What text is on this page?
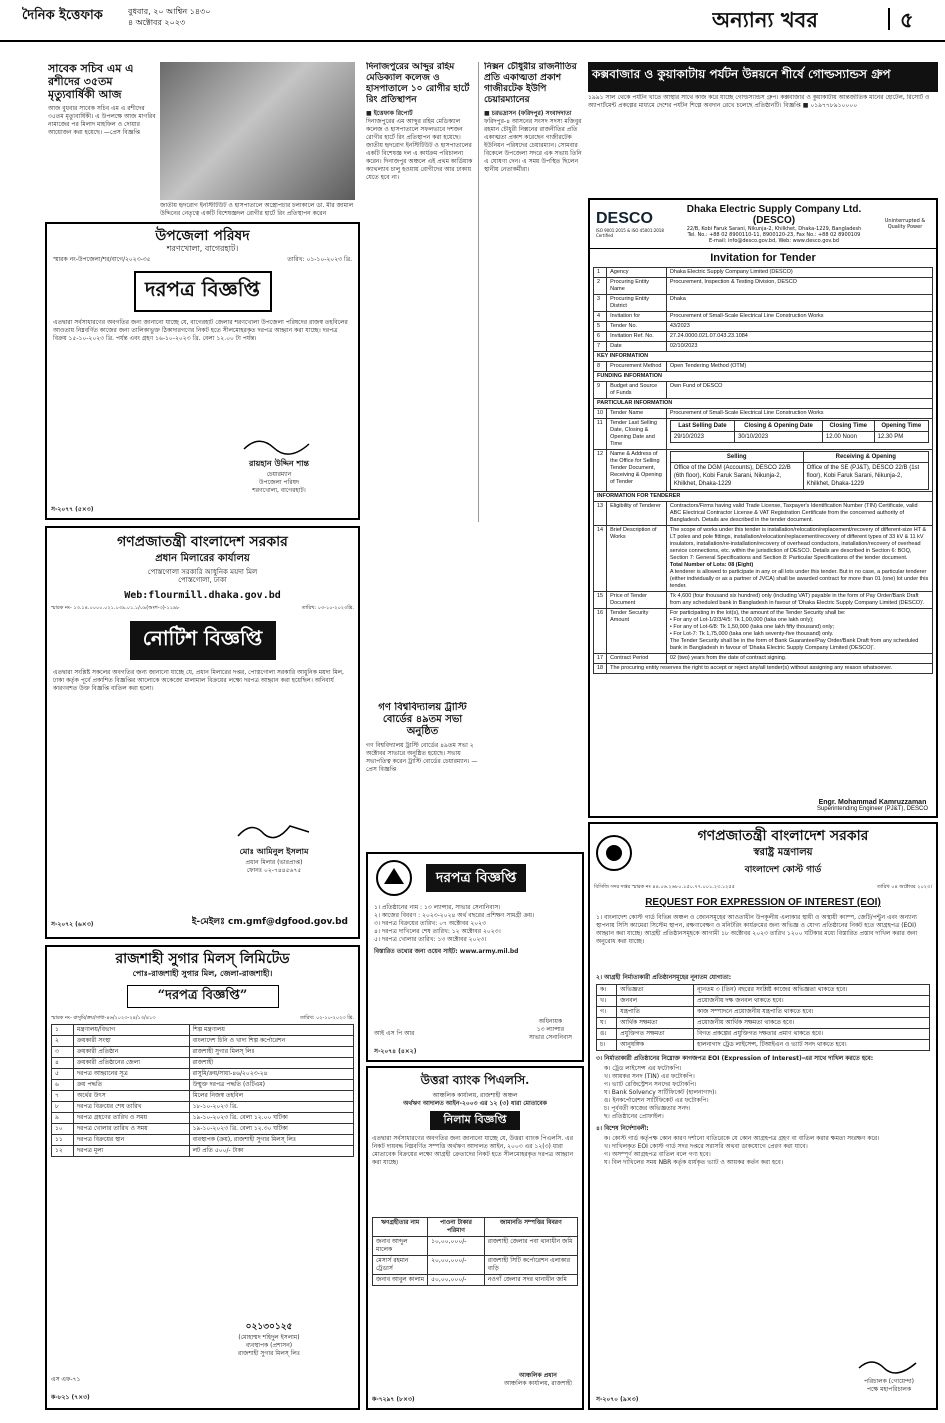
দৈনিক ইত্তেফাক	বুধবার, ২০ আশ্বিন ১৪৩০
৪ অক্টোবর ২০২৩	অন্যান্য খবর	৫
সাবেক সচিব এম এ রশীদের ৩৫তম মৃত্যুবার্ষিকী আজ
আজ বুধবার সাবেক সচিব এম এ রশীদের ৩৫তম মৃত্যুবার্ষিকী। এ উপলক্ষে আজ মাগরিব নামাজের পর মিলাদ মাহফিল ও দোয়ার আয়োজন করা হয়েছে। —প্রেস বিজ্ঞপ্তি
জাতীয় হৃদরোগ ইনস্টিটিউট ও হাসপাতালে অস্ত্রোপচার চলাকালে ডা. মীর জামাল উদ্দিনের নেতৃত্বে একটি বিশেষজ্ঞদল রোগীর হার্টে রিং প্রতিস্থাপন করেন
উপজেলা পরিষদ
শরণখোলা, বাগেরহাট।
স্মারক নং-উপজেলা/শর/বাগে/২০২৩-৩৫	তারিখ: ০১-১০-২০২৩ খ্রি.
দরপত্র বিজ্ঞপ্তি
এতদ্বারা সর্বসাধারণের অবগতির জন্য জানানো যাচ্ছে যে, বাগেরহাট জেলার শরণখোলা উপজেলা পরিষদের রাজস্ব তহবিলের আওতায় নিম্নবর্ণিত কাজের জন্য তালিকাভুক্ত ঠিকাদারগণের নিকট হতে সীলমোহরকৃত দরপত্র আহ্বান করা যাচ্ছে। দরপত্র বিক্রয় ১৫-১০-২০২৩ খ্রি. পর্যন্ত এবং গ্রহণ ১৬-১০-২০২৩ খ্রি. বেলা ১২.০০ টা পর্যন্ত।
রায়হান উদ্দিন শান্ত
চেয়ারম্যান
উপজেলা পরিষদ
শরণখোলা, বাগেরহাট।
স-২০৭৭ (৫×৩)
গণপ্রজাতন্ত্রী বাংলাদেশ সরকার
প্রধান মিলারের কার্যালয়
পোস্তগোলা সরকারি আধুনিক ময়দা মিল
পোস্তগোলা, ঢাকা
Web:flourmill.dhaka.gov.bd
স্মারক নং- ১৩.১৪.০০০০.০২১.০৩৯.০১.১/০৯(অংশ-৩)-১১৯৮	তারিখ: ০৩-১০-২০২৩খ্রি.
নোটিশ বিজ্ঞপ্তি
এতদ্বারা সংশ্লিষ্ট সকলের অবগতির জন্য জানানো যাচ্ছে যে, প্রধান মিলারের দপ্তর, পোস্তগোলা সরকারি আধুনিক ময়দা মিল, ঢাকা কর্তৃক পূর্বে প্রকাশিত বিজ্ঞপ্তির আলোকে অকেজো মালামাল বিক্রয়ের লক্ষ্যে দরপত্র আহ্বান করা হয়েছিল। অনিবার্য কারণবশত উক্ত বিজ্ঞপ্তি বাতিল করা হলো।
মোঃ আমিনুল ইসলাম
প্রধান মিলার (ভারপ্রাপ্ত)
ফোনঃ ০২-৭৪৪৫৬৭৫
ই-মেইলঃ cm.gmf@dgfood.gov.bd
স-২০৭২ (৬×৩)
রাজশাহী সুগার মিলস্ লিমিটেড
পোঃ-রাজশাহী সুগার মিল, জেলা-রাজশাহী।
“দরপত্র বিজ্ঞপ্তি”
স্মারক নং- রাসুমি/ক্রয়/সাধা-৪৬/২০২৩-২৪/১৩/৪১৩	তারিখ: ০২-১০-২০২৩ খ্রি.
১	মন্ত্রণালয়/বিভাগ	শিল্প মন্ত্রণালয়
২	ক্রয়কারী সংস্থা	বাংলাদেশ চিনি ও খাদ্য শিল্প কর্পোরেশন
৩	ক্রয়কারী প্রতিষ্ঠান	রাজশাহী সুগার মিলস্ লিঃ
৪	ক্রয়কারী প্রতিষ্ঠানের জেলা	রাজশাহী
৫	দরপত্র আহ্বানের সূত্র	রাসুমি/ক্রয়/সাধা-৪৬/২০২৩-২৪
৬	ক্রয় পদ্ধতি	উন্মুক্ত দরপত্র পদ্ধতি (ওটিএম)
৭	অর্থের উৎস	মিলের নিজস্ব তহবিল
৮	দরপত্র বিক্রয়ের শেষ তারিখ	১৮-১০-২০২৩ খ্রি.
৯	দরপত্র গ্রহণের তারিখ ও সময়	১৯-১০-২০২৩ খ্রি. বেলা ১২.০০ ঘটিকা
১০	দরপত্র খোলার তারিখ ও সময়	১৯-১০-২০২৩ খ্রি. বেলা ১২.৩০ ঘটিকা
১১	দরপত্র বিক্রয়ের স্থান	ব্যবস্থাপক (ক্রয়), রাজশাহী সুগার মিলস্ লিঃ
১২	দরপত্র মূল্য	লট প্রতি ৫০০/- টাকা
০২১৩০১২৫
(মোহাম্মদ শহিদুল ইসলাম)
ব্যবস্থাপক (প্রশাসন)
রাজশাহী সুগার মিলস্ লিঃ
এস এফ-৭১
ক-৮২১ (৭×৩)
দিনাজপুরের আব্দুর রহিম মেডিক্যাল কলেজ ও হাসপাতালে ১০ রোগীর হার্টে রিং প্রতিস্থাপন
■ ইত্তেফাক রিপোর্ট
দিনাজপুরের এম আব্দুর রহিম মেডিক্যাল কলেজ ও হাসপাতালে সফলভাবে দশজন রোগীর হার্টে রিং প্রতিস্থাপন করা হয়েছে। জাতীয় হৃদরোগ ইনস্টিটিউট ও হাসপাতালের একটি বিশেষজ্ঞ দল এ কার্যক্রম পরিচালনা করেন। দিনাজপুর অঞ্চলে এই প্রথম কার্ডিয়াক ক্যাথল্যাব চালু হওয়ায় রোগীদের আর ঢাকায় যেতে হবে না।
নিক্সন চৌধুরীর রাজনীতির প্রতি একাত্মতা প্রকাশ গাজীরটেক ইউপি চেয়ারম্যানের
■ চরভদ্রাসন (ফরিদপুর) সংবাদদাতা
ফরিদপুর-৪ আসনের সংসদ সদস্য মজিবুর রহমান চৌধুরী নিক্সনের রাজনীতির প্রতি একাত্মতা প্রকাশ করেছেন গাজীরটেক ইউনিয়ন পরিষদের চেয়ারম্যান। সোমবার বিকেলে উপজেলা সদরে এক সভায় তিনি এ ঘোষণা দেন। এ সময় উপস্থিত ছিলেন স্থানীয় নেতাকর্মীরা।
গণ বিশ্ববিদ্যালয় ট্রাস্টি বোর্ডের ৪৯তম সভা অনুষ্ঠিত
গণ বিশ্ববিদ্যালয় ট্রাস্টি বোর্ডের ৪৯তম সভা ২ অক্টোবর সাভারে অনুষ্ঠিত হয়েছে। সভায় সভাপতিত্ব করেন ট্রাস্টি বোর্ডের চেয়ারম্যান। —প্রেস বিজ্ঞপ্তি
দরপত্র বিজ্ঞপ্তি
১। প্রতিষ্ঠানের নাম : ১৩ ল্যান্সার, সাভার সেনানিবাস।
২। কাজের বিবরণ : ২০২৩-২০২৪ অর্থ বছরের প্রশিক্ষণ সামগ্রী ক্রয়।
৩। দরপত্র বিক্রয়ের তারিখ: ০৭ অক্টোবর ২০২৩
৪। দরপত্র দাখিলের শেষ তারিখ: ১২ অক্টোবর ২০২৩।
৫। দরপত্র খোলার তারিখ: ১৩ অক্টোবর ২০২৩।
বিস্তারিত তথ্যের জন্য ওয়েব সাইট: www.army.mil.bd
আই এস পি আর
অধিনায়ক
১৩ ল্যান্সার
সাভার সেনানিবাস
স-২০৭৪ (৪×২)
উত্তরা ব্যাংক পিএলসি.
আঞ্চলিক কার্যালয়, রাজশাহী অঞ্চল
অর্থঋণ আদালত আইন-২০০৩ এর ১২ (৩) ধারা মোতাবেক
নিলাম বিজ্ঞপ্তি
এতদ্বারা সর্বসাধারণের অবগতির জন্য জানানো যাচ্ছে যে, উত্তরা ব্যাংক পিএলসি. এর নিকট দায়বদ্ধ নিম্নবর্ণিত সম্পত্তি অর্থঋণ আদালত আইন, ২০০৩ এর ১২(৩) ধারা মোতাবেক বিক্রয়ের লক্ষ্যে আগ্রহী ক্রেতাদের নিকট হতে সীলমোহরকৃত দরপত্র আহ্বান করা যাচ্ছে।
ঋণগ্রহীতার নাম	পাওনা টাকার পরিমাণ	জামানতি সম্পত্তির বিবরণ
জনাব আব্দুল মালেক	১০,০০,০০০/-	রাজশাহী জেলার পবা থানাধীন জমি
মেসার্স রহমান ট্রেডার্স	২০,০০,০০০/-	রাজশাহী সিটি কর্পোরেশন এলাকার বাড়ি
জনাব আবুল কালাম	৫০,০০,০০০/-	নওগাঁ জেলার সদর থানাধীন জমি
আঞ্চলিক প্রধান
আঞ্চলিক কার্যালয়, রাজশাহী
ক-৭২৯৭ (৮×৩)
কক্সবাজার ও কুয়াকাটায় পর্যটন উন্নয়নে শীর্ষে গোল্ডস্যান্ডস গ্রুপ
১৯৯১ সাল থেকে পর্যটন খাতে আস্থার সাথে কাজ করে যাচ্ছে গোল্ডস্যান্ডস গ্রুপ। কক্সবাজার ও কুয়াকাটায় আন্তর্জাতিক মানের হোটেল, রিসোর্ট ও অ্যাপার্টমেন্ট প্রকল্পের মাধ্যমে দেশের পর্যটন শিল্পে অবদান রেখে চলেছে প্রতিষ্ঠানটি। বিজ্ঞপ্তি ■ ০১৯৭৭৮৯১০০০০
DESCO
ISO 9001:2015 & ISO 45001:2018 Certified
Dhaka Electric Supply Company Ltd. (DESCO)
22/B, Kobi Faruk Sarani, Nikunja-2, Khilkhet, Dhaka-1229, Bangladesh
Tel. No.: +88 02 8900110-11, 8900120-23, Fax No.: +88 02 8900109
E-mail: info@desco.gov.bd, Web: www.desco.gov.bd
Uninterrupted & Quality Power
Invitation for Tender
1	Agency	Dhaka Electric Supply Company Limited (DESCO)
2	Procuring Entity Name	Procurement, Inspection & Testing Division, DESCO
3	Procuring Entity District	Dhaka
4	Invitation for	Procurement of Small-Scale Electrical Line Construction Works
5	Tender No.	43/2023
6	Invitation Ref. No.	27.24.0000.021.07.043.23.1084
7	Date	02/10/2023
KEY INFORMATION
8	Procurement Method	Open Tendering Method (OTM)
FUNDING INFORMATION
9	Budget and Source of Funds	Own Fund of DESCO
PARTICULAR INFORMATION
10	Tender Name	Procurement of Small-Scale Electrical Line Construction Works
11	Tender Last Selling Date, Closing & Opening Date and Time	
Last Selling Date	Closing & Opening Date	Closing Time	Opening Time
29/10/2023	30/10/2023	12.00 Noon	12.30 PM

12	Name & Address of the Office for Selling Tender Document, Receiving & Opening of Tender	
Selling	Receiving & Opening
Office of the DGM (Accounts), DESCO 22/B (6th floor), Kobi Faruk Sarani, Nikunja-2, Khilkhet, Dhaka-1229	Office of the SE (PJ&T), DESCO 22/B (1st floor), Kobi Faruk Sarani, Nikunja-2, Khilkhet, Dhaka-1229

INFORMATION FOR TENDERER
13	Eligibility of Tenderer	Contractors/Firms having valid Trade License, Taxpayer's Identification Number (TIN) Certificate, valid ABC Electrical Contractor License & VAT Registration Certificate from the concerned authority of Bangladesh. Details are described in the tender document.
14	Brief Description of Works	The scope of works under this tender is installation/relocation/replacement/recovery of different-size HT & LT poles and pole fittings, installation/relocation/replacement/recovery of different types of 33 kV & 11 kV insulators, installation/re-installation/recovery of overhead conductors, installation/recovery of overhead service connections, etc. within the jurisdiction of DESCO. Details are described in Section 6: BOQ, Section 7: General Specifications and Section 8: Particular Specifications of the tender document.
Total Number of Lots: 08 (Eight)
A tenderer is allowed to participate in any or all lots under this tender. But in no case, a particular tenderer (either individually or as a partner of JVCA) shall be awarded contract for more than 01 (one) lot under this tender.

15	Price of Tender Document	Tk 4,600 (four thousand six hundred) only (including VAT) payable in the form of Pay Order/Bank Draft from any scheduled bank in Bangladesh in favour of 'Dhaka Electric Supply Company Limited (DESCO)'.
16	Tender Security Amount	
For participating in the lot(s), the amount of the Tender Security shall be:
• For any of Lot-1/2/3/4/5: Tk 1,00,000 (taka one lakh only);
• For any of Lot-6/8: Tk 1,50,000 (taka one lakh fifty thousand) only;
• For Lot-7: Tk 1,75,000 (taka one lakh seventy-five thousand) only.
The Tender Security shall be in the form of Bank Guarantee/Pay Order/Bank Draft from any scheduled bank in Bangladesh in favour of 'Dhaka Electric Supply Company Limited (DESCO)'.

17	Contract Period	02 (two) years from the date of contract signing.
18	The procuring entity reserves the right to accept or reject any/all tender(s) without assigning any reason whatsoever.
Engr. Mohammad Kamruzzaman
Superintending Engineer (PJ&T), DESCO
গণপ্রজাতন্ত্রী বাংলাদেশ সরকার
স্বরাষ্ট্র মন্ত্রণালয়
বাংলাদেশ কোস্ট গার্ড
বিসিজি সদর দপ্তর স্মারক নং ৪৪.০৬.২৬৮০.১৫০.৭৭.০০১.২৩.১২৫৫	তারিখ ০৪ অক্টোবর ২০২৩।
REQUEST FOR EXPRESSION OF INTEREST (EOI)
১। বাংলাদেশ কোস্ট গার্ড বিভিন্ন অঞ্চল ও জোনসমূহের আওতাধীন উপকূলীয় এলাকার স্থায়ী ও অস্থায়ী ক্যাম্প, জেটি/পন্টুন এবং অন্যান্য স্থাপনায় সিসি ক্যামেরা সিস্টেম স্থাপন, রক্ষণাবেক্ষণ ও মনিটরিং কার্যক্রমের জন্য অভিজ্ঞ ও যোগ্য প্রতিষ্ঠানের নিকট হতে আগ্রহপত্র (EOI) আহ্বান করা যাচ্ছে। আগ্রহী প্রতিষ্ঠানসমূহকে আগামী ১৮ অক্টোবর ২০২৩ তারিখ ১২০০ ঘটিকার মধ্যে বিস্তারিত প্রস্তাব দাখিল করার জন্য অনুরোধ করা যাচ্ছে।
২। আগ্রহী নির্মাতাকারী প্রতিষ্ঠানসমূহের নূন্যতম যোগ্যতা:
ক।	অভিজ্ঞতা	ন্যূনতম ৩ (তিন) বছরের সংশ্লিষ্ট কাজের অভিজ্ঞতা থাকতে হবে।
খ।	জনবল	প্রয়োজনীয় দক্ষ জনবল থাকতে হবে।
গ।	যন্ত্রপাতি	কাজ সম্পাদনে প্রয়োজনীয় যন্ত্রপাতি থাকতে হবে।
ঘ।	আর্থিক সক্ষমতা	প্রয়োজনীয় আর্থিক সক্ষমতা থাকতে হবে।
ঙ।	প্রযুক্তিগত সক্ষমতা	বিগত প্রকল্পের প্রযুক্তিগত দক্ষতার প্রমাণ থাকতে হবে।
চ।	আনুষঙ্গিক	হালনাগাদ ট্রেড লাইসেন্স, টিআইএন ও ভ্যাট সনদ থাকতে হবে।
৩। নির্মাতাকারী প্রতিষ্ঠানের নিম্নোক্ত কাগজপত্র EOI (Expression of Interest)-এর সাথে দাখিল করতে হবে:
ক। ট্রেড লাইসেন্স এর ফটোকপি।
খ। আয়কর সনদ (TIN) এর ফটোকপি।
গ। ভ্যাট রেজিস্ট্রেশন সনদের ফটোকপি।
ঘ। Bank Solvency সার্টিফিকেট (হালনাগাদ)।
ঙ। ইনকর্পোরেশন সার্টিফিকেট এর ফটোকপি।
চ। পূর্ববর্তী কাজের অভিজ্ঞতার সনদ।
ছ। প্রতিষ্ঠানের প্রোফাইল।
৪। বিশেষ নির্দেশাবলী:
ক। কোস্ট গার্ড কর্তৃপক্ষ কোন কারণ দর্শানো ব্যতিরেকে যে কোন আগ্রহপত্র গ্রহণ বা বাতিল করার ক্ষমতা সংরক্ষণ করে।
খ। দাখিলকৃত EOI কোস্ট গার্ড সদর দপ্তরে সরাসরি অথবা ডাকযোগে প্রেরণ করা যাবে।
গ। অসম্পূর্ণ আগ্রহপত্র বাতিল বলে গণ্য হবে।
ঘ। বিল দাখিলের সময় NBR কর্তৃক ধার্যকৃত ভ্যাট ও আয়কর কর্তন করা হবে।
পরিচালক (গোয়েন্দা)
পক্ষে মহাপরিচালক
স-২০৭০ (৯×৩)
